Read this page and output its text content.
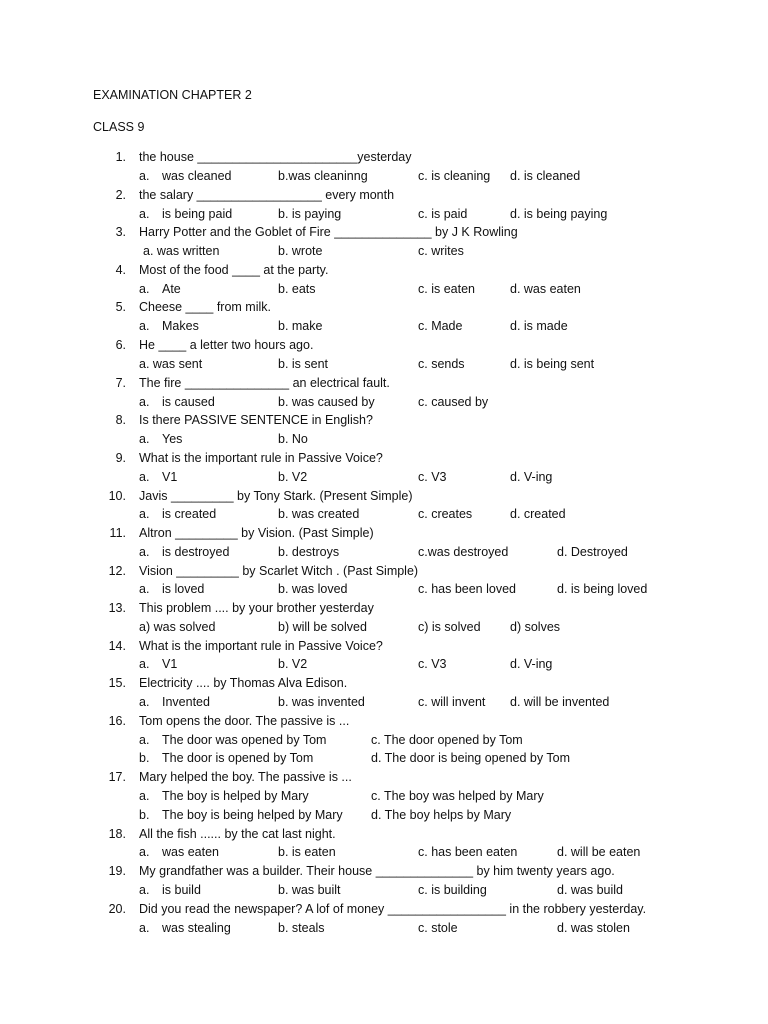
EXAMINATION CHAPTER 2
CLASS 9
1. the house _______________________yesterday
a. was cleaned	b.was cleaninng	c. is cleaning d. is cleaned
2. the salary __________________ every month
a. is being paid	b. is paying	c. is paid	d. is being paying
3. Harry Potter and the Goblet of Fire ______________ by J K Rowling
a. was written	b. wrote	c. writes
4. Most of the food ____ at the party.
a. Ate	b. eats	c. is eaten	d. was eaten
5. Cheese ____ from milk.
a. Makes	b. make	c. Made	d. is made
6. He ____ a letter two hours ago.
a. was sent	b. is sent	c. sends	d. is being sent
7. The fire _______________ an electrical fault.
a. is caused	b. was caused by	c. caused by
8. Is there PASSIVE SENTENCE in English?
a. Yes	b. No
9. What is the important rule in Passive Voice?
a. V1	b. V2	c. V3	d. V-ing
10. Javis _________ by Tony Stark. (Present Simple)
a. is created	b. was created	c. creates	d. created
11. Altron _________ by Vision. (Past Simple)
a. is destroyed	b. destroys	c.was destroyed	d. Destroyed
12. Vision _________ by Scarlet Witch . (Past Simple)
a. is loved	b. was loved	c. has been loved	d. is being loved
13. This problem .... by your brother yesterday
a) was solved	b) will be solved	c) is solved d) solves
14. What is the important rule in Passive Voice?
a. V1	b. V2	c. V3	d. V-ing
15. Electricity .... by Thomas Alva Edison.
a. Invented	b. was invented	c. will invent d. will be invented
16. Tom opens the door. The passive is ...
a. The door was opened by Tom	c. The door opened by Tom
b. The door is opened by Tom	d. The door is being opened by Tom
17. Mary helped the boy. The passive is ...
a. The boy is helped by Mary	c. The boy was helped by Mary
b. The boy is being helped by Mary d. The boy helps by Mary
18. All the fish ...... by the cat last night.
a. was eaten	b. is eaten	c. has been eaten	d. will be eaten
19. My grandfather was a builder. Their house ______________ by him twenty years ago.
a. is build	b. was built	c. is building	d. was build
20. Did you read the newspaper? A lof of money _________________ in the robbery yesterday.
a. was stealing	b. steals	c. stole	d. was stolen
